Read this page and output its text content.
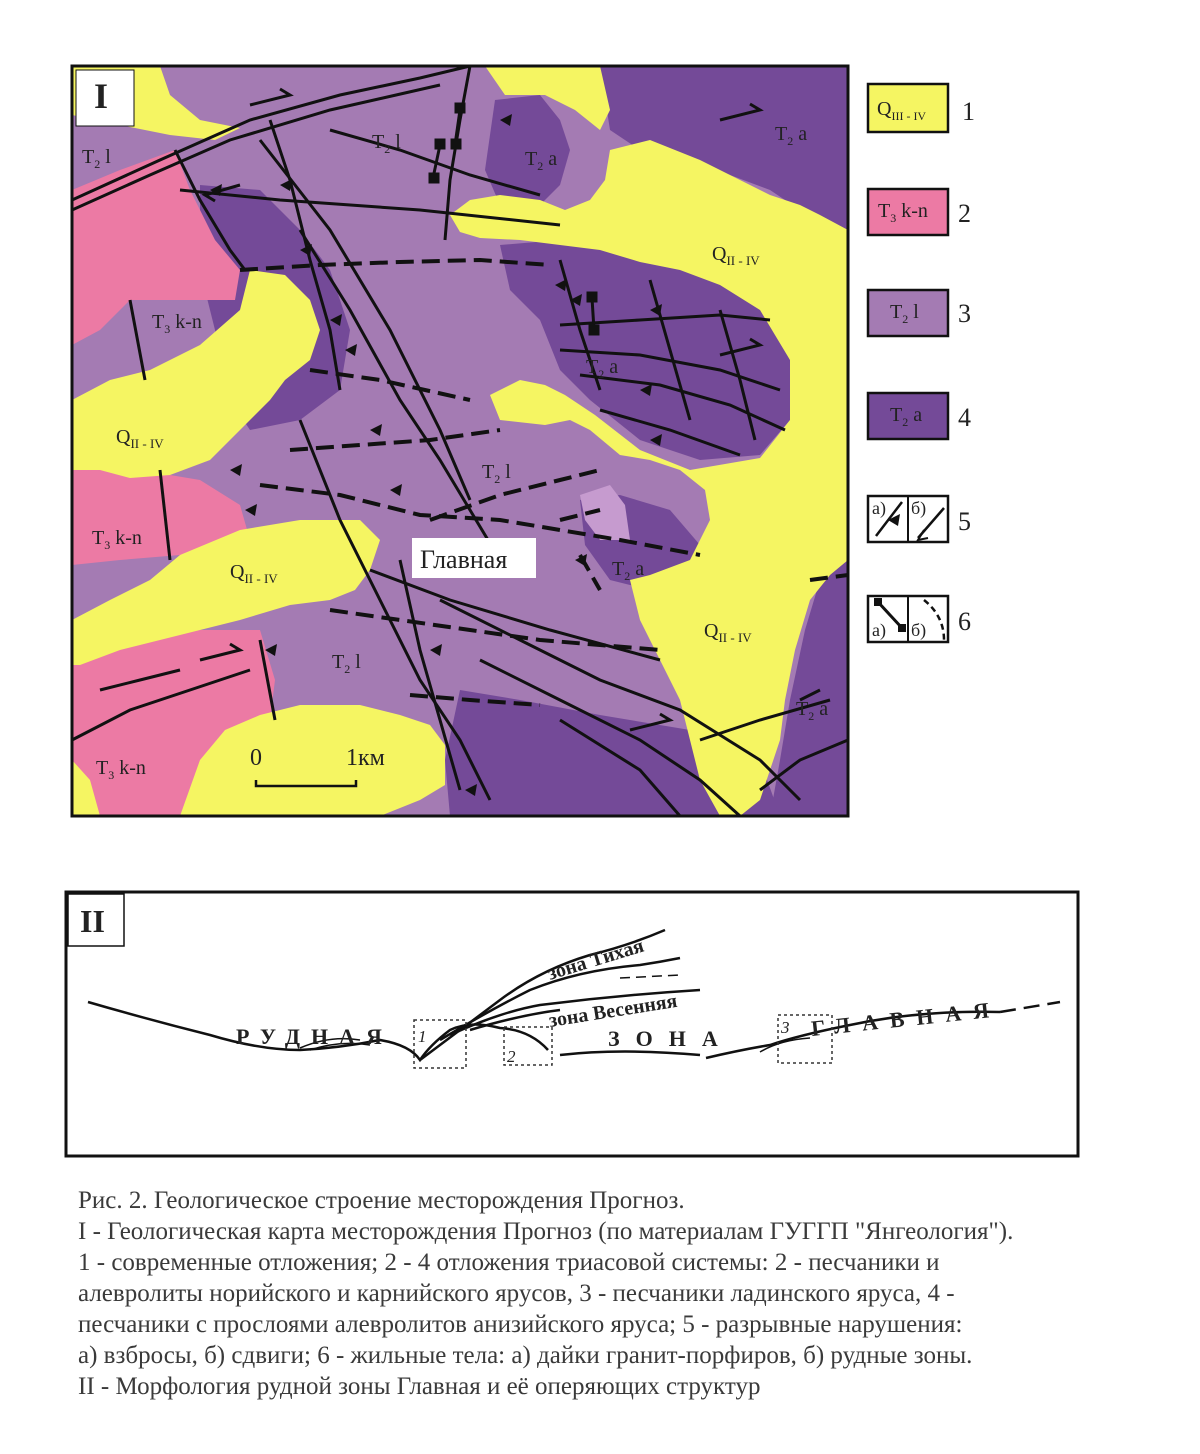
I
$T_2$ l
$T_2$ l
$T_2$ a
$T_2$ a
$Q_{II - IV}$
$T_3$ k-n
$T_2$ a
$Q_{II - IV}$
$T_2$ l
$T_3$ k-n
$T_2$ a
$Q_{II - IV}$
$Q_{II - IV}$
$T_2$ l
$T_2$ a
$T_3$ k-n
Главная
0	1км
$Q_{III - IV}$ 1
$T_3$ k-n 2
$T_2$ l 3
$T_2$ a 4
а) б) 5
а) б) 6
II
1
2
3
РУДНАЯ	ЗОНА	ГЛАВНАЯ
зона Тихая
зона Весенняя
Рис. 2. Геологическое строение месторождения Прогноз.
I - Геологическая карта месторождения Прогноз (по материалам ГУГГП "Янгеология").
1 - современные отложения; 2 - 4 отложения триасовой системы: 2 - песчаники и
алевролиты норийского и карнийского ярусов, 3 - песчаники ладинского яруса, 4 -
песчаники с прослоями алевролитов анизийского яруса; 5 - разрывные нарушения:
а) взбросы, б) сдвиги; 6 - жильные тела: а) дайки гранит-порфиров, б) рудные зоны.
II - Морфология рудной зоны Главная и её оперяющих структур
